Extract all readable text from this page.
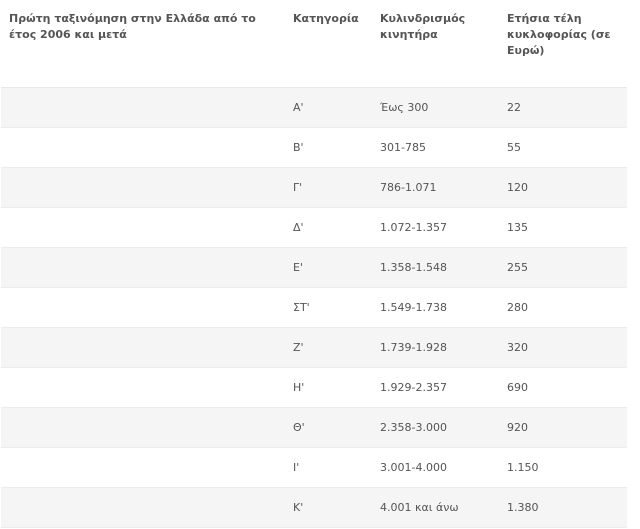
Πρώτη ταξινόμηση στην Ελλάδα από το έτος 2006 και μετά	Κατηγορία	Κυλινδρισμός κινητήρα	Ετήσια τέλη κυκλοφορίας (σε Ευρώ)
	Α'	Έως 300	22
	Β'	301-785	55
	Γ'	786-1.071	120
	Δ'	1.072-1.357	135
	Ε'	1.358-1.548	255
	ΣΤ'	1.549-1.738	280
	Ζ'	1.739-1.928	320
	Η'	1.929-2.357	690
	Θ'	2.358-3.000	920
	Ι'	3.001-4.000	1.150
	Κ'	4.001 και άνω	1.380
